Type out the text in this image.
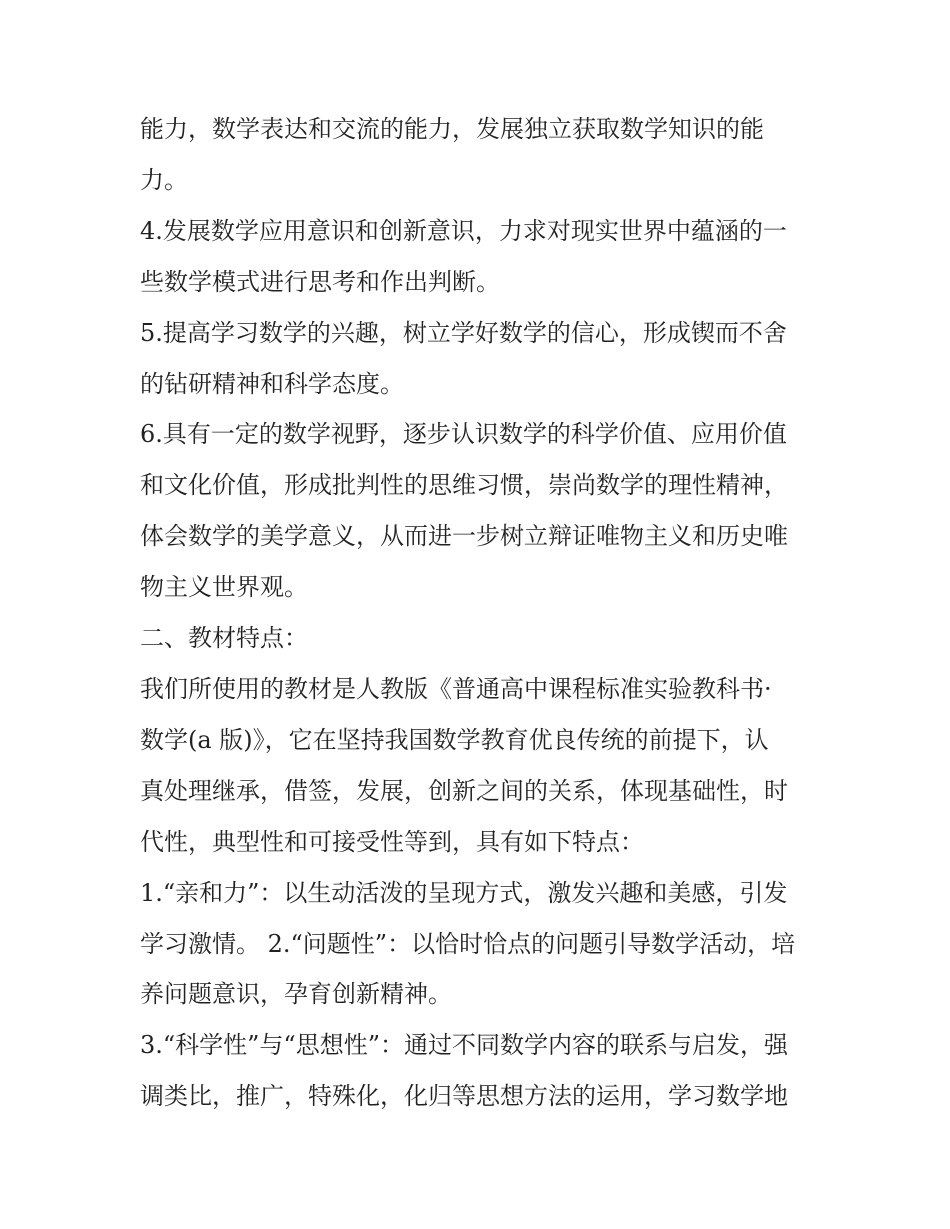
能力，数学表达和交流的能力，发展独立获取数学知识的能

力。

4.发展数学应用意识和创新意识，力求对现实世界中蕴涵的一

些数学模式进行思考和作出判断。

5.提高学习数学的兴趣，树立学好数学的信心，形成锲而不舍

的钻研精神和科学态度。

6.具有一定的数学视野，逐步认识数学的科学价值、应用价值

和文化价值，形成批判性的思维习惯，崇尚数学的理性精神，

体会数学的美学意义，从而进一步树立辩证唯物主义和历史唯

物主义世界观。

二、教材特点：

我们所使用的教材是人教版《普通高中课程标准实验教科书·

数学(a 版)》，它在坚持我国数学教育优良传统的前提下，认

真处理继承，借签，发展，创新之间的关系，体现基础性，时

代性，典型性和可接受性等到，具有如下特点：

1.“亲和力”：以生动活泼的呈现方式，激发兴趣和美感，引发

学习激情。 2.“问题性”：以恰时恰点的问题引导数学活动，培

养问题意识，孕育创新精神。

3.“科学性”与“思想性”：通过不同数学内容的联系与启发，强

调类比，推广，特殊化，化归等思想方法的运用，学习数学地
